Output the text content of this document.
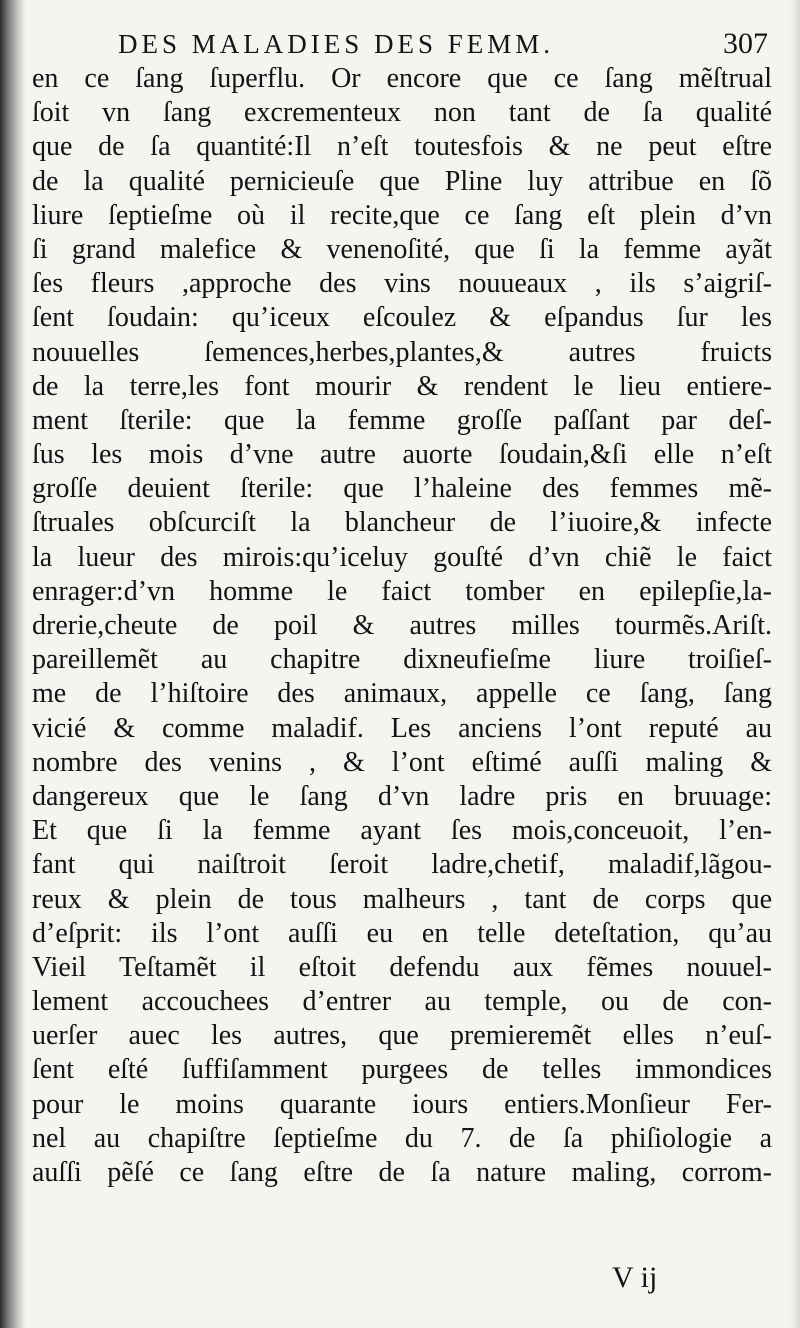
DES MALADIES DES FEMM.	307
en ce ſang ſuperflu. Or encore que ce ſang mẽſtrual
ſoit vn ſang excrementeux non tant de ſa qualité
que de ſa quantité:Il n’eſt toutesfois & ne peut eſtre
de la qualité pernicieuſe que Pline luy attribue en ſõ
liure ſeptieſme où il recite,que ce ſang eſt plein d’vn
ſi grand malefice & venenoſité, que ſi la femme ayãt
ſes fleurs ,approche des vins nouueaux , ils s’aigriſ-
ſent ſoudain: qu’iceux eſcoulez & eſpandus ſur les
nouuelles ſemences,herbes,plantes,& autres fruicts
de la terre,les font mourir & rendent le lieu entiere-
ment ſterile: que la femme groſſe paſſant par deſ-
ſus les mois d’vne autre auorte ſoudain,&ſi elle n’eſt
groſſe deuient ſterile: que l’haleine des femmes mẽ-
ſtruales obſcurciſt la blancheur de l’iuoire,& infecte
la lueur des mirois:qu’iceluy gouſté d’vn chiẽ le faict
enrager:d’vn homme le faict tomber en epilepſie,la-
drerie,cheute de poil & autres milles tourmẽs.Ariſt.
pareillemẽt au chapitre dixneufieſme liure troiſieſ-
me de l’hiſtoire des animaux, appelle ce ſang, ſang
vicié & comme maladif. Les anciens l’ont reputé au
nombre des venins , & l’ont eſtimé auſſi maling &
dangereux que le ſang d’vn ladre pris en bruuage:
Et que ſi la femme ayant ſes mois,conceuoit, l’en-
fant qui naiſtroit ſeroit ladre,chetif, maladif,lãgou-
reux & plein de tous malheurs , tant de corps que
d’eſprit: ils l’ont auſſi eu en telle deteſtation, qu’au
Vieil Teſtamẽt il eſtoit defendu aux fẽmes nouuel-
lement accouchees d’entrer au temple, ou de con-
uerſer auec les autres, que premieremẽt elles n’euſ-
ſent eſté ſuffiſamment purgees de telles immondices
pour le moins quarante iours entiers.Monſieur Fer-
nel au chapiſtre ſeptieſme du 7. de ſa phiſiologie a
auſſi pẽſé ce ſang eſtre de ſa nature maling, corrom-
V ij
